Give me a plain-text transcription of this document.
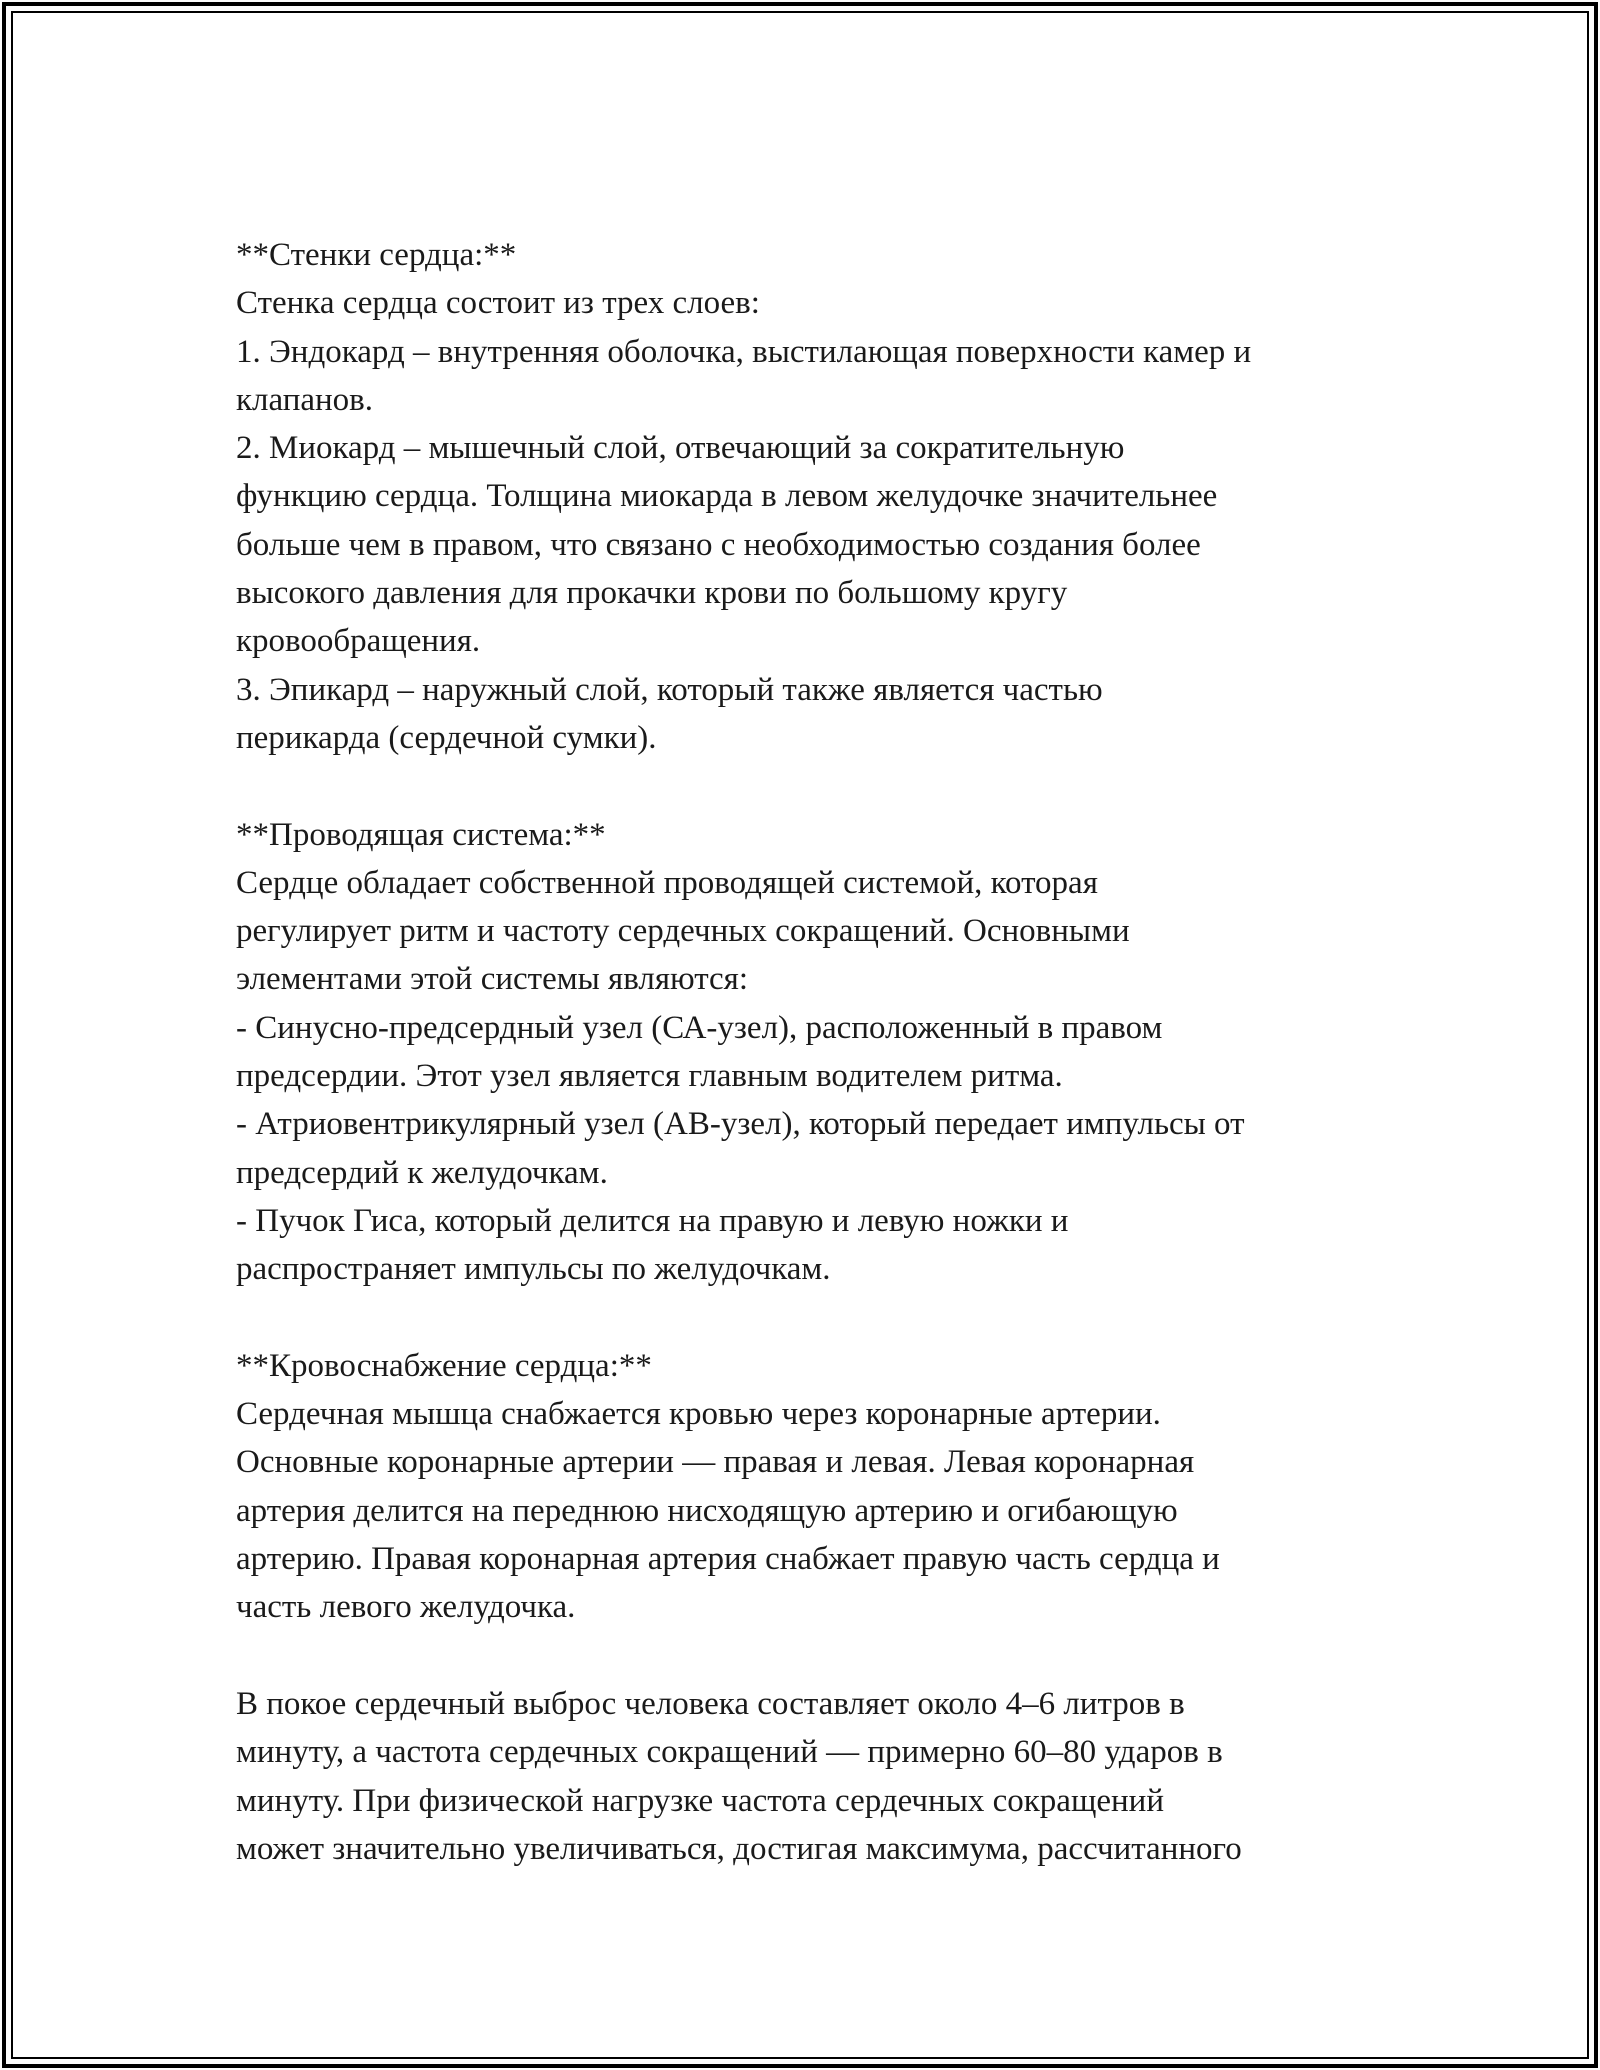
**Стенки сердца:**
Стенка сердца состоит из трех слоев:
1. Эндокард – внутренняя оболочка, выстилающая поверхности камер и
клапанов.
2. Миокард – мышечный слой, отвечающий за сократительную
функцию сердца. Толщина миокарда в левом желудочке значительнее
больше чем в правом, что связано с необходимостью создания более
высокого давления для прокачки крови по большому кругу
кровообращения.
3. Эпикард – наружный слой, который также является частью
перикарда (сердечной сумки).
**Проводящая система:**
Сердце обладает собственной проводящей системой, которая
регулирует ритм и частоту сердечных сокращений. Основными
элементами этой системы являются:
- Синусно-предсердный узел (СА-узел), расположенный в правом
предсердии. Этот узел является главным водителем ритма.
- Атриовентрикулярный узел (АВ-узел), который передает импульсы от
предсердий к желудочкам.
- Пучок Гиса, который делится на правую и левую ножки и
распространяет импульсы по желудочкам.
**Кровоснабжение сердца:**
Сердечная мышца снабжается кровью через коронарные артерии.
Основные коронарные артерии — правая и левая. Левая коронарная
артерия делится на переднюю нисходящую артерию и огибающую
артерию. Правая коронарная артерия снабжает правую часть сердца и
часть левого желудочка.
В покое сердечный выброс человека составляет около 4–6 литров в
минуту, а частота сердечных сокращений — примерно 60–80 ударов в
минуту. При физической нагрузке частота сердечных сокращений
может значительно увеличиваться, достигая максимума, рассчитанного
